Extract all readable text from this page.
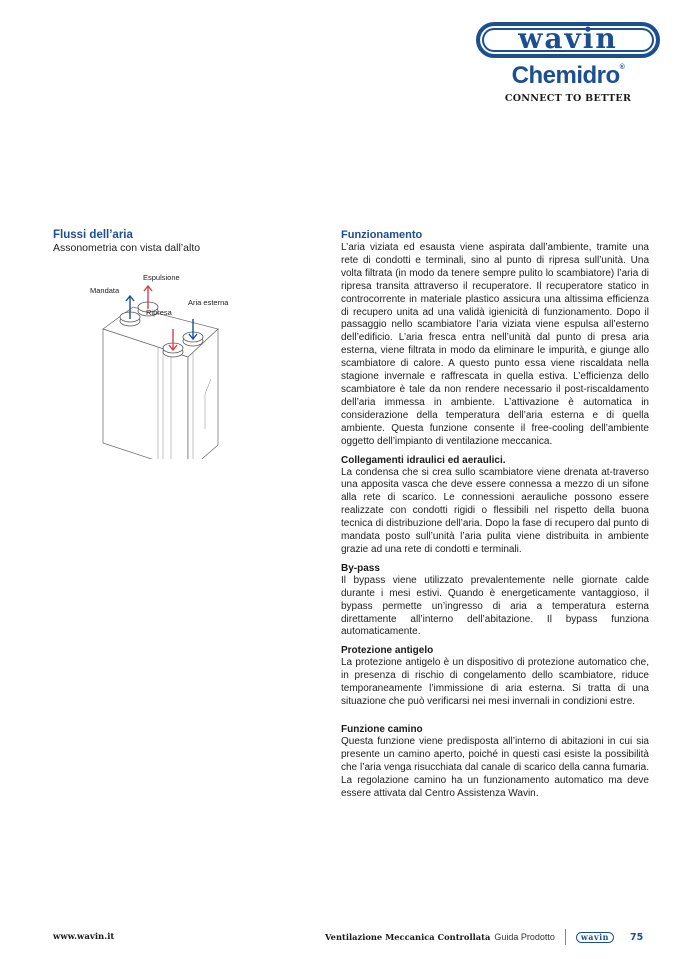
wavin
Chemidro®
CONNECT TO BETTER
Flussi dell’aria
Assonometria con vista dall’alto
Espulsione
Mandata
Aria esterna
Ripresa
Funzionamento

L’aria viziata ed esausta viene aspirata dall’ambiente, tramite una rete di condotti e terminali, sino al punto di ripresa sull’unità. Una volta filtrata (in modo da tenere sempre pulito lo scambiatore) l’aria di ripresa transita attraverso il recuperatore. Il recuperatore statico in controcorrente in materiale plastico assicura una altissima efficienza di recupero unita ad una validà igienicità di funzionamento. Dopo il passaggio nello scambiatore l’aria viziata viene espulsa all’esterno dell’edificio. L’aria fresca entra nell’unità dal punto di presa aria esterna, viene filtrata in modo da eliminare le impurità, e giunge allo scambiatore di calore. A questo punto essa viene riscaldata nella stagione invernale e raffrescata in quella estiva. L’efficienza dello scambiatore è tale da non rendere necessario il post-riscaldamento dell’aria immessa in ambiente. L’attivazione è automatica in considerazione della temperatura dell’aria esterna e di quella ambiente. Questa funzione consente il free-cooling dell’ambiente oggetto dell’impianto di ventilazione meccanica.

Collegamenti idraulici ed aeraulici.

La condensa che si crea sullo scambiatore viene drenata at-traverso una apposita vasca che deve essere connessa a mezzo di un sifone alla rete di scarico. Le connessioni aerauliche possono essere realizzate con condotti rigidi o flessibili nel rispetto della buona tecnica di distribuzione dell’aria. Dopo la fase di recupero dal punto di mandata posto sull’unità l’aria pulita viene distribuita in ambiente grazie ad una rete di condotti e terminali.

By-pass

Il bypass viene utilizzato prevalentemente nelle giornate calde durante i mesi estivi. Quando è energeticamente vantaggioso, il bypass permette un’ingresso di aria a temperatura esterna direttamente all’interno dell’abitazione. Il bypass funziona automaticamente.

Protezione antigelo

La protezione antigelo è un dispositivo di protezione automatico che, in presenza di rischio di congelamento dello scambiatore, riduce temporaneamente l’immissione di aria esterna. Si tratta di una situazione che può verificarsi nei mesi invernali in condizioni estre.

Funzione camino

Questa funzione viene predisposta all’interno di abitazioni in cui sia presente un camino aperto, poiché in questi casi esiste la possibilità che l’aria venga risucchiata dal canale di scarico della canna fumaria. La regolazione camino ha un funzionamento automatico ma deve essere attivata dal Centro Assistenza Wavin.

www.wavin.it	Ventilazione Meccanica Controllata Guida Prodotto	wavin	75
